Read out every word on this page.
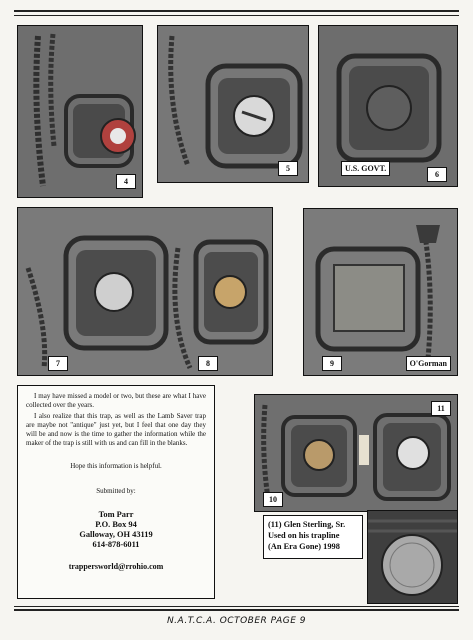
4
5	U.S. GOVT.
6
7	8	9	O'Gorman

I may have missed a model or two, but these are what I have collected over the years.

I also realize that this trap, as well as the Lamb Saver trap are maybe not "antique" just yet, but I feel that one day they will be and now is the time to gather the information while the maker of the trap is still with us and can fill in the blanks.

Hope this information is helpful.
Submitted by:
Tom Parr
P.O. Box 94
Galloway, OH 43119
614-878-6011
trappersworld@rrohio.com
10
11
(11) Glen Sterling, Sr.
Used on his trapline
(An Era Gone) 1998
N.A.T.C.A. OCTOBER PAGE 9
